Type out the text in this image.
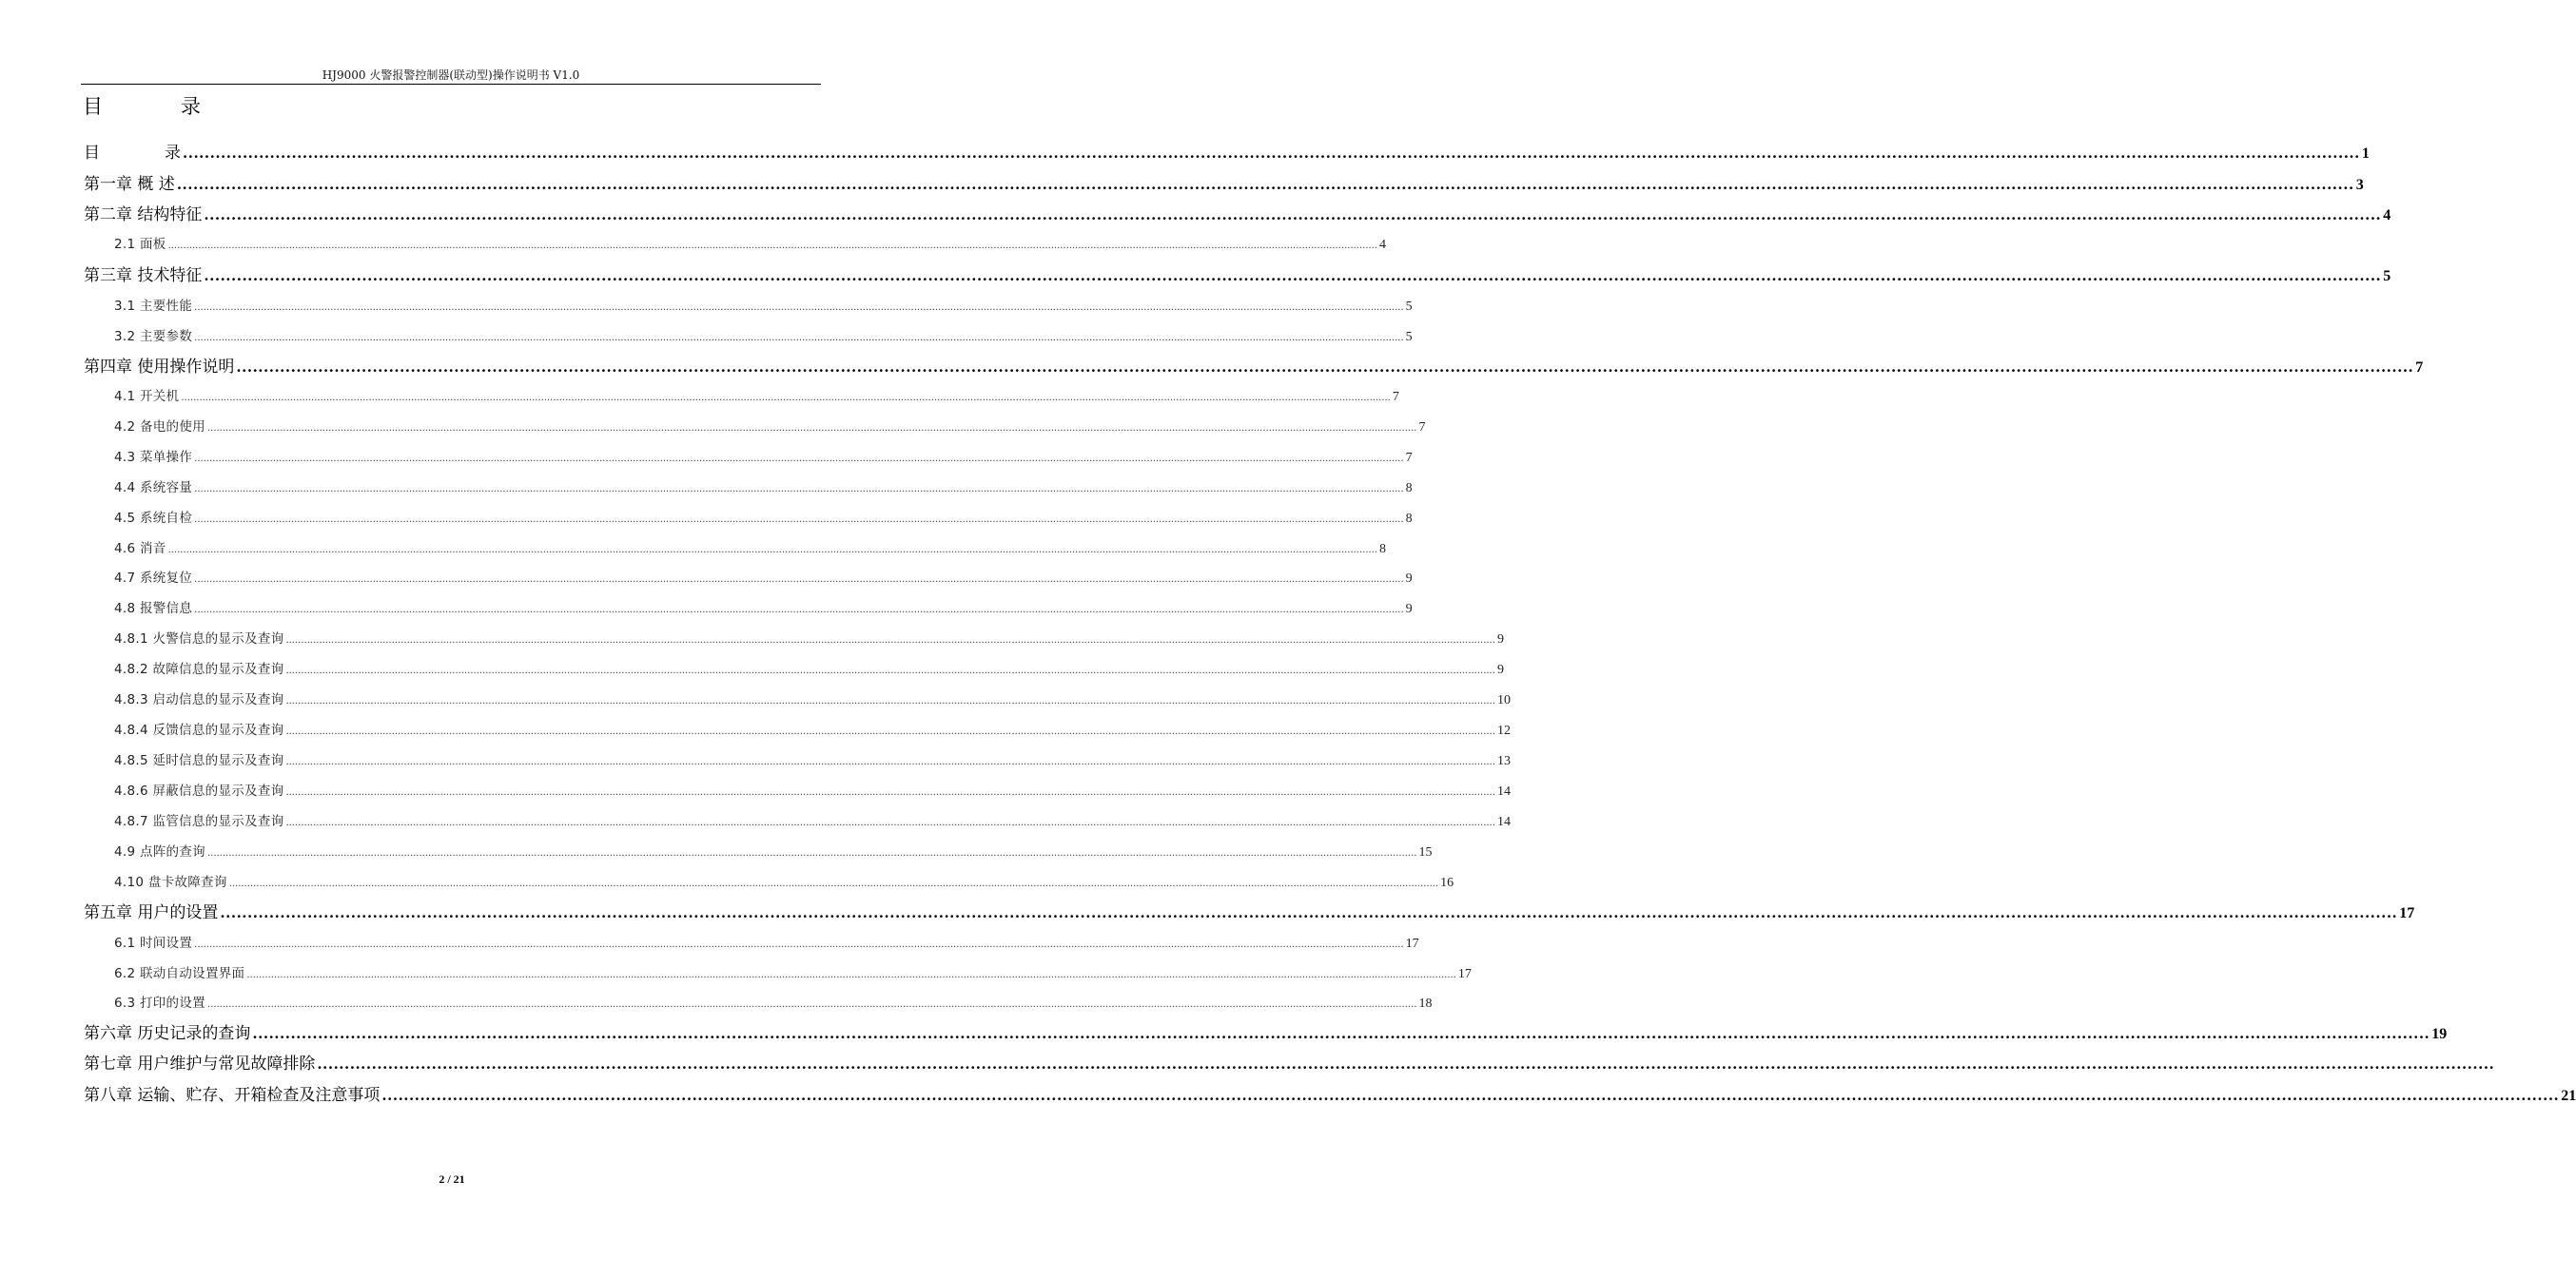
HJ9000 火警报警控制器(联动型)操作说明书 V1.0
目	录
目　　　　录 ................................................................................................................................................................................................................................................................................................................................................................................................................ 1
第一章 概 述 ................................................................................................................................................................................................................................................................................................................................................................................................................ 3
第二章 结构特征 ................................................................................................................................................................................................................................................................................................................................................................................................................ 4
2.1 面板 ................................................................................................................................................................................................................................................................................................................................................................................................................ 4
第三章 技术特征 ................................................................................................................................................................................................................................................................................................................................................................................................................ 5
3.1 主要性能 ................................................................................................................................................................................................................................................................................................................................................................................................................ 5
3.2 主要参数 ................................................................................................................................................................................................................................................................................................................................................................................................................ 5
第四章 使用操作说明 ................................................................................................................................................................................................................................................................................................................................................................................................................ 7
4.1 开关机 ................................................................................................................................................................................................................................................................................................................................................................................................................ 7
4.2 备电的使用 ................................................................................................................................................................................................................................................................................................................................................................................................................ 7
4.3 菜单操作 ................................................................................................................................................................................................................................................................................................................................................................................................................ 7
4.4 系统容量 ................................................................................................................................................................................................................................................................................................................................................................................................................ 8
4.5 系统自检 ................................................................................................................................................................................................................................................................................................................................................................................................................ 8
4.6 消音 ................................................................................................................................................................................................................................................................................................................................................................................................................ 8
4.7 系统复位 ................................................................................................................................................................................................................................................................................................................................................................................................................ 9
4.8 报警信息 ................................................................................................................................................................................................................................................................................................................................................................................................................ 9
4.8.1 火警信息的显示及查询 ................................................................................................................................................................................................................................................................................................................................................................................................................ 9
4.8.2 故障信息的显示及查询 ................................................................................................................................................................................................................................................................................................................................................................................................................ 9
4.8.3 启动信息的显示及查询 ................................................................................................................................................................................................................................................................................................................................................................................................................ 10
4.8.4 反馈信息的显示及查询 ................................................................................................................................................................................................................................................................................................................................................................................................................ 12
4.8.5 延时信息的显示及查询 ................................................................................................................................................................................................................................................................................................................................................................................................................ 13
4.8.6 屏蔽信息的显示及查询 ................................................................................................................................................................................................................................................................................................................................................................................................................ 14
4.8.7 监管信息的显示及查询 ................................................................................................................................................................................................................................................................................................................................................................................................................ 14
4.9 点阵的查询 ................................................................................................................................................................................................................................................................................................................................................................................................................ 15
4.10 盘卡故障查询 ................................................................................................................................................................................................................................................................................................................................................................................................................ 16
第五章 用户的设置 ................................................................................................................................................................................................................................................................................................................................................................................................................ 17
6.1 时间设置 ................................................................................................................................................................................................................................................................................................................................................................................................................ 17
6.2 联动自动设置界面 ................................................................................................................................................................................................................................................................................................................................................................................................................ 17
6.3 打印的设置 ................................................................................................................................................................................................................................................................................................................................................................................................................ 18
第六章 历史记录的查询 ................................................................................................................................................................................................................................................................................................................................................................................................................ 19
第七章 用户维护与常见故障排除 ................................................................................................................................................................................................................................................................................................................................................................................................................
第八章 运输、贮存、开箱检查及注意事项 ................................................................................................................................................................................................................................................................................................................................................................................................................ 21
2 / 21
